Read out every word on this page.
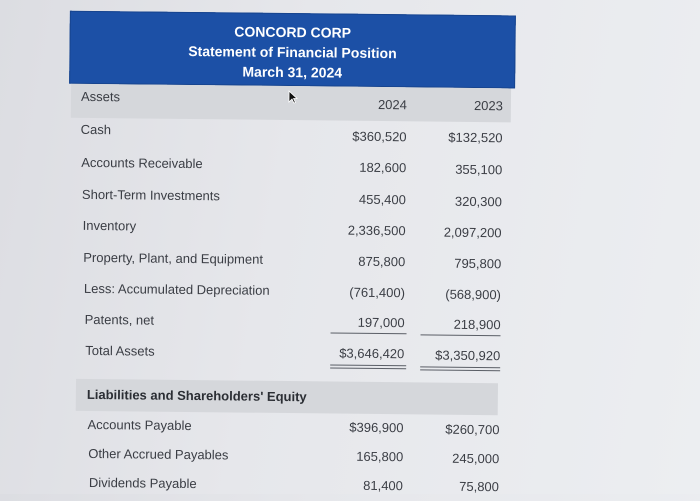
CONCORD CORP
Statement of Financial Position
March 31, 2024
Assets
2024	2023
Cash	$360,520	$132,520
Accounts Receivable	182,600	355,100
Short-Term Investments	455,400	320,300
Inventory	2,336,500	2,097,200
Property, Plant, and Equipment	875,800	795,800
Less: Accumulated Depreciation	(761,400)	(568,900)
Patents, net	197,000	218,900
Total Assets	$3,646,420	$3,350,920
Liabilities and Shareholders' Equity
Accounts Payable	$396,900	$260,700
Other Accrued Payables	165,800	245,000
Dividends Payable	81,400	75,800
